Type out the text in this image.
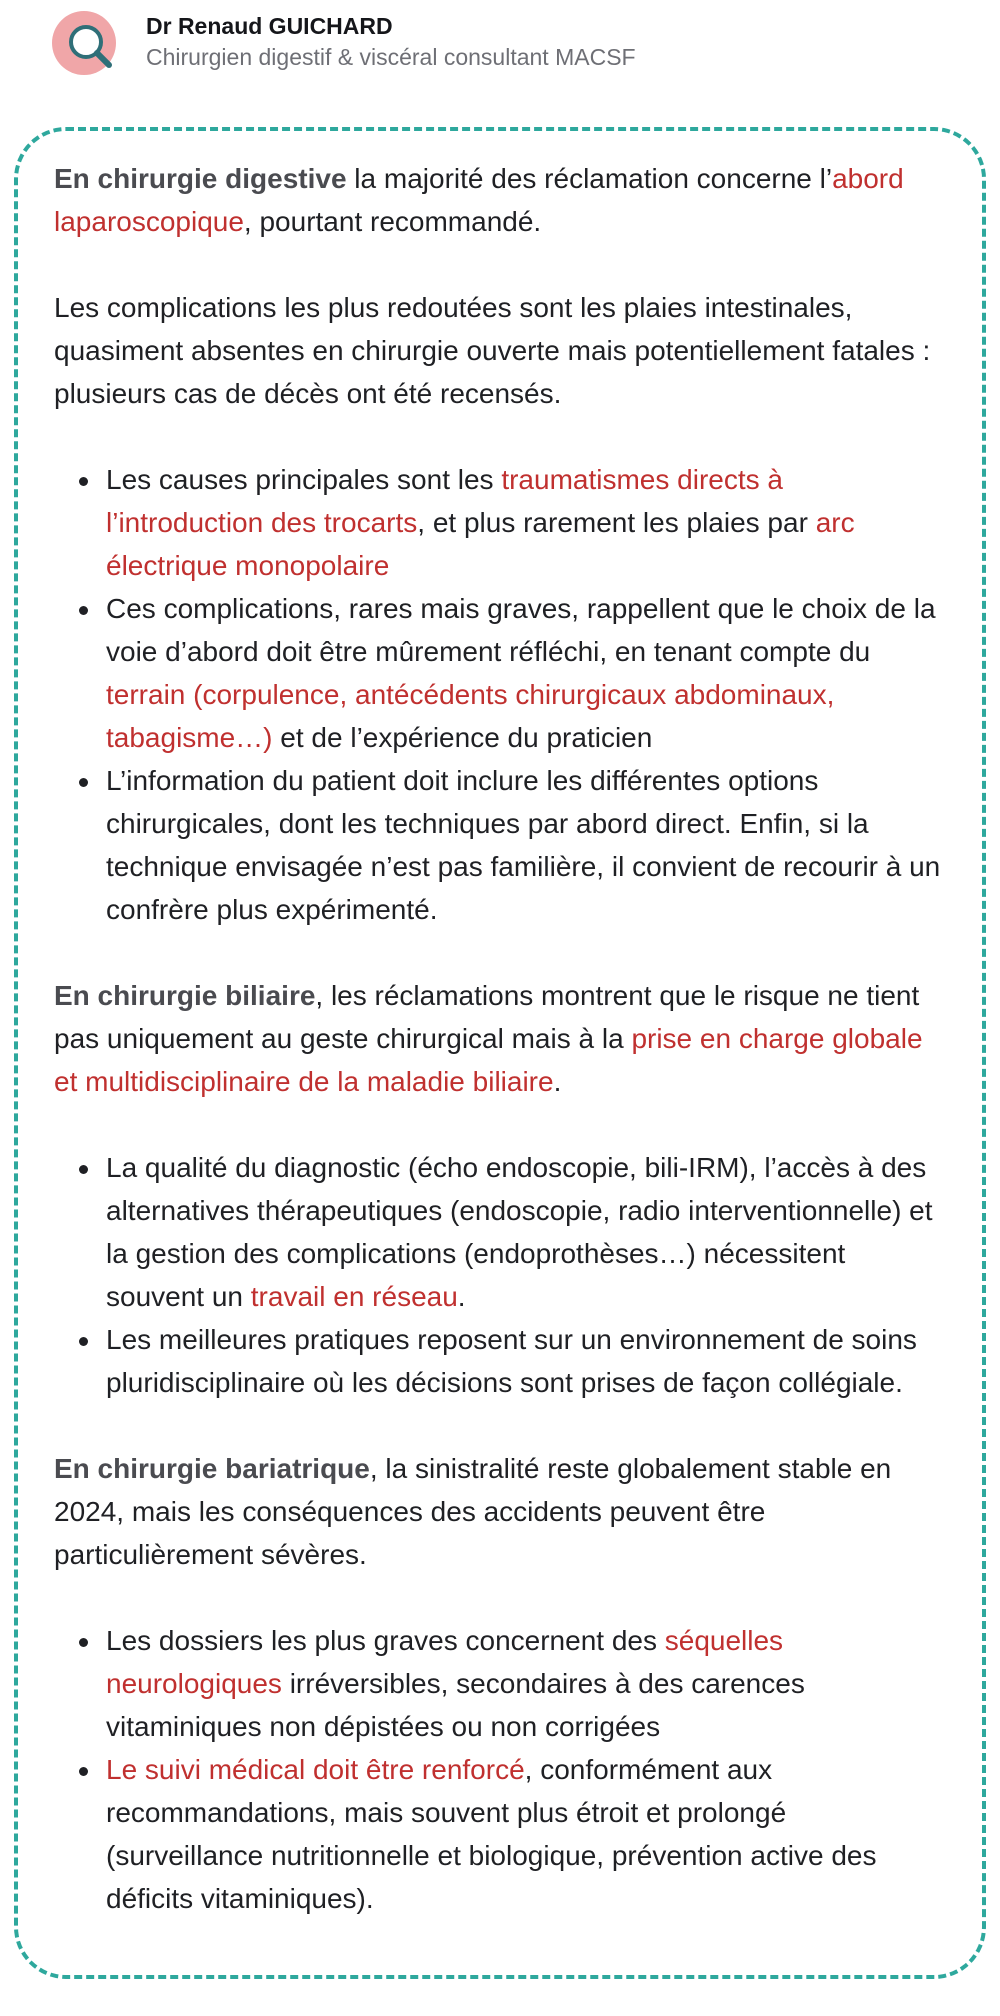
Dr Renaud GUICHARD
Chirurgien digestif & viscéral consultant MACSF

En chirurgie digestive la majorité des réclamation concerne l’abord laparoscopique, pourtant recommandé.

Les complications les plus redoutées sont les plaies intestinales, quasiment absentes en chirurgie ouverte mais potentiellement fatales : plusieurs cas de décès ont été recensés.

Les causes principales sont les traumatismes directs à l’introduction des trocarts, et plus rarement les plaies par arc électrique monopolaire
Ces complications, rares mais graves, rappellent que le choix de la voie d’abord doit être mûrement réfléchi, en tenant compte du terrain (corpulence, antécédents chirurgicaux abdominaux, tabagisme…) et de l’expérience du praticien
L’information du patient doit inclure les différentes options chirurgicales, dont les techniques par abord direct. Enfin, si la technique envisagée n’est pas familière, il convient de recourir à un confrère plus expérimenté.

En chirurgie biliaire, les réclamations montrent que le risque ne tient pas uniquement au geste chirurgical mais à la prise en charge globale et multidisciplinaire de la maladie biliaire.

La qualité du diagnostic (écho endoscopie, bili-IRM), l’accès à des alternatives thérapeutiques (endoscopie, radio interventionnelle) et la gestion des complications (endoprothèses…) nécessitent souvent un travail en réseau.
Les meilleures pratiques reposent sur un environnement de soins pluridisciplinaire où les décisions sont prises de façon collégiale.

En chirurgie bariatrique, la sinistralité reste globalement stable en 2024, mais les conséquences des accidents peuvent être particulièrement sévères.

Les dossiers les plus graves concernent des séquelles neurologiques irréversibles, secondaires à des carences vitaminiques non dépistées ou non corrigées
Le suivi médical doit être renforcé, conformément aux recommandations, mais souvent plus étroit et prolongé (surveillance nutritionnelle et biologique, prévention active des déficits vitaminiques).
